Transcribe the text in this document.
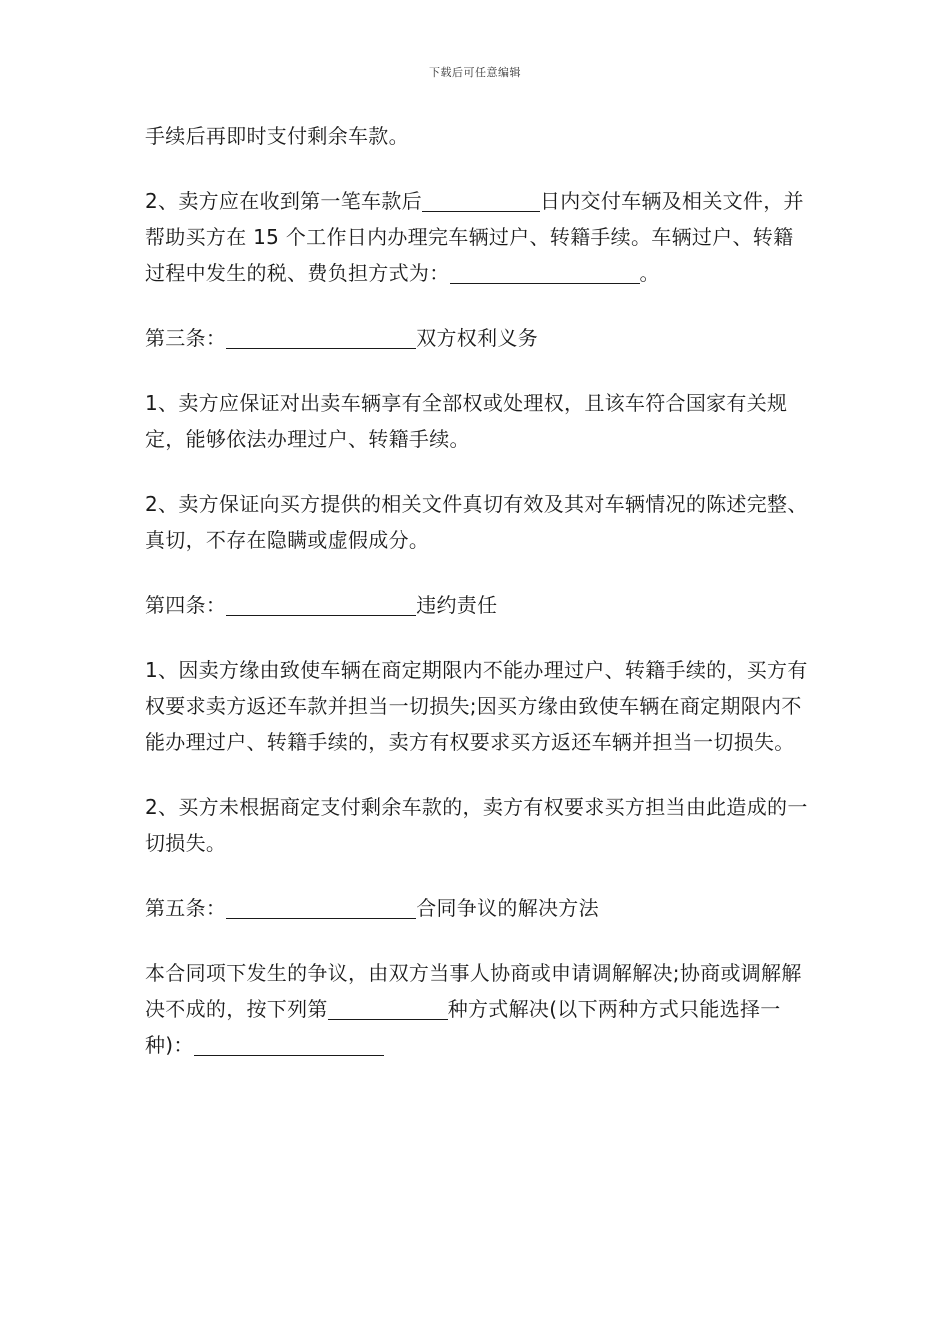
下载后可任意编辑

手续后再即时支付剩余车款。

2、卖方应在收到第一笔车款后	日内交付车辆及相关文件，并帮助买方在 15 个工作日内办理完车辆过户、转籍手续。车辆过户、转籍过程中发生的税、费负担方式为：	。

第三条：	双方权利义务

1、卖方应保证对出卖车辆享有全部权或处理权，且该车符合国家有关规定，能够依法办理过户、转籍手续。

2、卖方保证向买方提供的相关文件真切有效及其对车辆情况的陈述完整、真切，不存在隐瞒或虚假成分。

第四条：	违约责任

1、因卖方缘由致使车辆在商定期限内不能办理过户、转籍手续的，买方有权要求卖方返还车款并担当一切损失;因买方缘由致使车辆在商定期限内不能办理过户、转籍手续的，卖方有权要求买方返还车辆并担当一切损失。

2、买方未根据商定支付剩余车款的，卖方有权要求买方担当由此造成的一切损失。

第五条：	合同争议的解决方法

本合同项下发生的争议，由双方当事人协商或申请调解解决;协商或调解解决不成的，按下列第	种方式解决(以下两种方式只能选择一种)：
